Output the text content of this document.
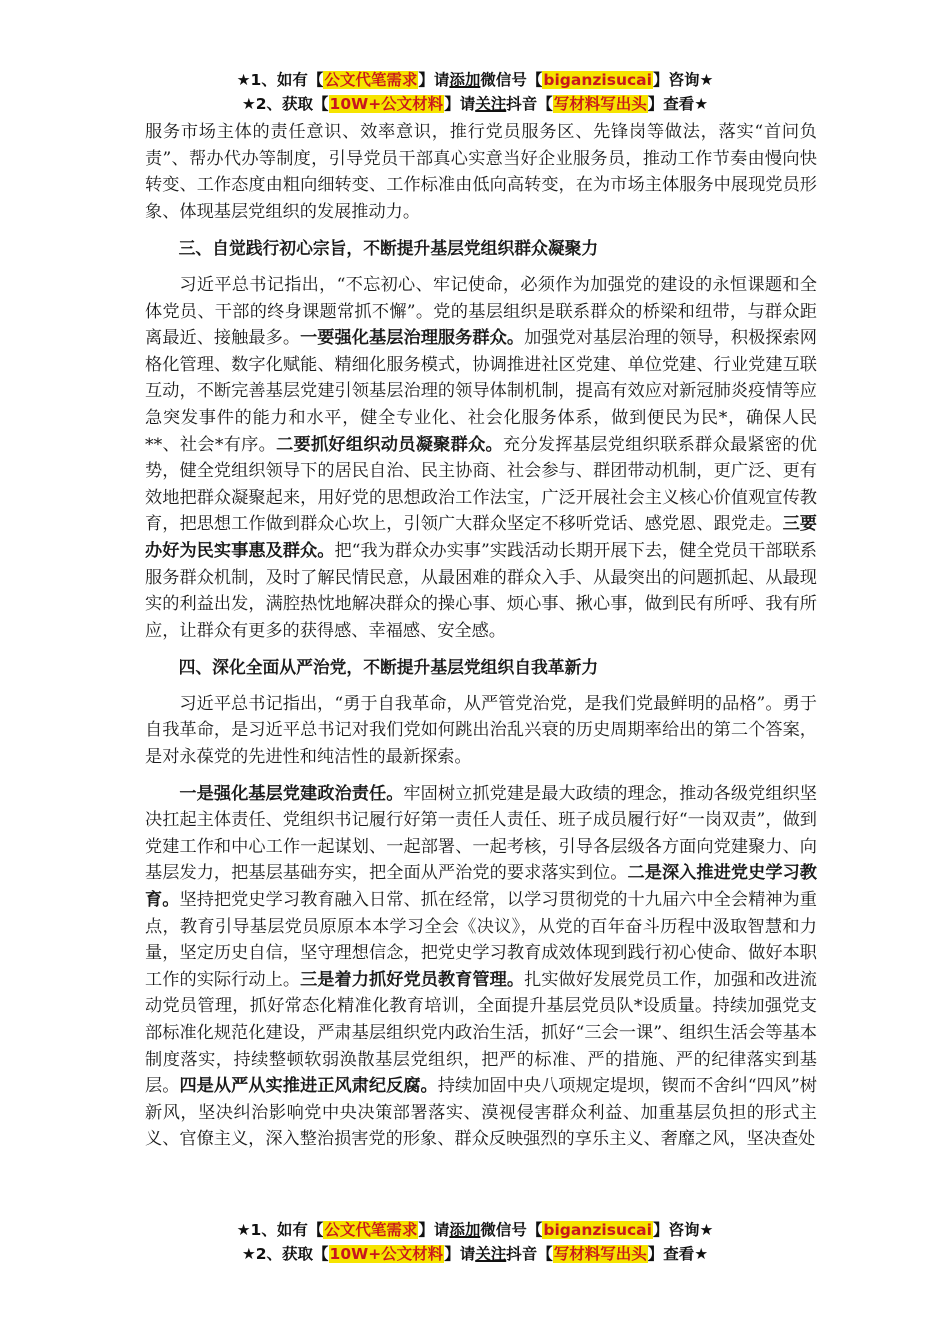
★1、如有【公文代笔需求】请添加微信号【biganzisucai】咨询★
★2、获取【10W+公文材料】请关注抖音【写材料写出头】查看★

服务市场主体的责任意识、效率意识，推行党员服务区、先锋岗等做法，落实“首问负责”、帮办代办等制度，引导党员干部真心实意当好企业服务员，推动工作节奏由慢向快转变、工作态度由粗向细转变、工作标准由低向高转变，在为市场主体服务中展现党员形象、体现基层党组织的发展推动力。

三、自觉践行初心宗旨，不断提升基层党组织群众凝聚力

习近平总书记指出，“不忘初心、牢记使命，必须作为加强党的建设的永恒课题和全体党员、干部的终身课题常抓不懈”。党的基层组织是联系群众的桥梁和纽带，与群众距离最近、接触最多。一要强化基层治理服务群众。加强党对基层治理的领导，积极探索网格化管理、数字化赋能、精细化服务模式，协调推进社区党建、单位党建、行业党建互联互动，不断完善基层党建引领基层治理的领导体制机制，提高有效应对新冠肺炎疫情等应急突发事件的能力和水平，健全专业化、社会化服务体系，做到便民为民*，确保人民**、社会*有序。二要抓好组织动员凝聚群众。充分发挥基层党组织联系群众最紧密的优势，健全党组织领导下的居民自治、民主协商、社会参与、群团带动机制，更广泛、更有效地把群众凝聚起来，用好党的思想政治工作法宝，广泛开展社会主义核心价值观宣传教育，把思想工作做到群众心坎上，引领广大群众坚定不移听党话、感党恩、跟党走。三要办好为民实事惠及群众。把“我为群众办实事”实践活动长期开展下去，健全党员干部联系服务群众机制，及时了解民情民意，从最困难的群众入手、从最突出的问题抓起、从最现实的利益出发，满腔热忱地解决群众的操心事、烦心事、揪心事，做到民有所呼、我有所应，让群众有更多的获得感、幸福感、安全感。

四、深化全面从严治党，不断提升基层党组织自我革新力

习近平总书记指出，“勇于自我革命，从严管党治党，是我们党最鲜明的品格”。勇于自我革命，是习近平总书记对我们党如何跳出治乱兴衰的历史周期率给出的第二个答案，是对永葆党的先进性和纯洁性的最新探索。

一是强化基层党建政治责任。牢固树立抓党建是最大政绩的理念，推动各级党组织坚决扛起主体责任、党组织书记履行好第一责任人责任、班子成员履行好“一岗双责”，做到党建工作和中心工作一起谋划、一起部署、一起考核，引导各层级各方面向党建聚力、向基层发力，把基层基础夯实，把全面从严治党的要求落实到位。二是深入推进党史学习教育。坚持把党史学习教育融入日常、抓在经常，以学习贯彻党的十九届六中全会精神为重点，教育引导基层党员原原本本学习全会《决议》，从党的百年奋斗历程中汲取智慧和力量，坚定历史自信，坚守理想信念，把党史学习教育成效体现到践行初心使命、做好本职工作的实际行动上。三是着力抓好党员教育管理。扎实做好发展党员工作，加强和改进流动党员管理，抓好常态化精准化教育培训，全面提升基层党员队*设质量。持续加强党支部标准化规范化建设，严肃基层组织党内政治生活，抓好“三会一课”、组织生活会等基本制度落实，持续整顿软弱涣散基层党组织，把严的标准、严的措施、严的纪律落实到基层。四是从严从实推进正风肃纪反腐。持续加固中央八项规定堤坝，锲而不舍纠“四风”树新风，坚决纠治影响党中央决策部署落实、漠视侵害群众利益、加重基层负担的形式主义、官僚主义，深入整治损害党的形象、群众反映强烈的享乐主义、奢靡之风，坚决查处

★1、如有【公文代笔需求】请添加微信号【biganzisucai】咨询★
★2、获取【10W+公文材料】请关注抖音【写材料写出头】查看★
